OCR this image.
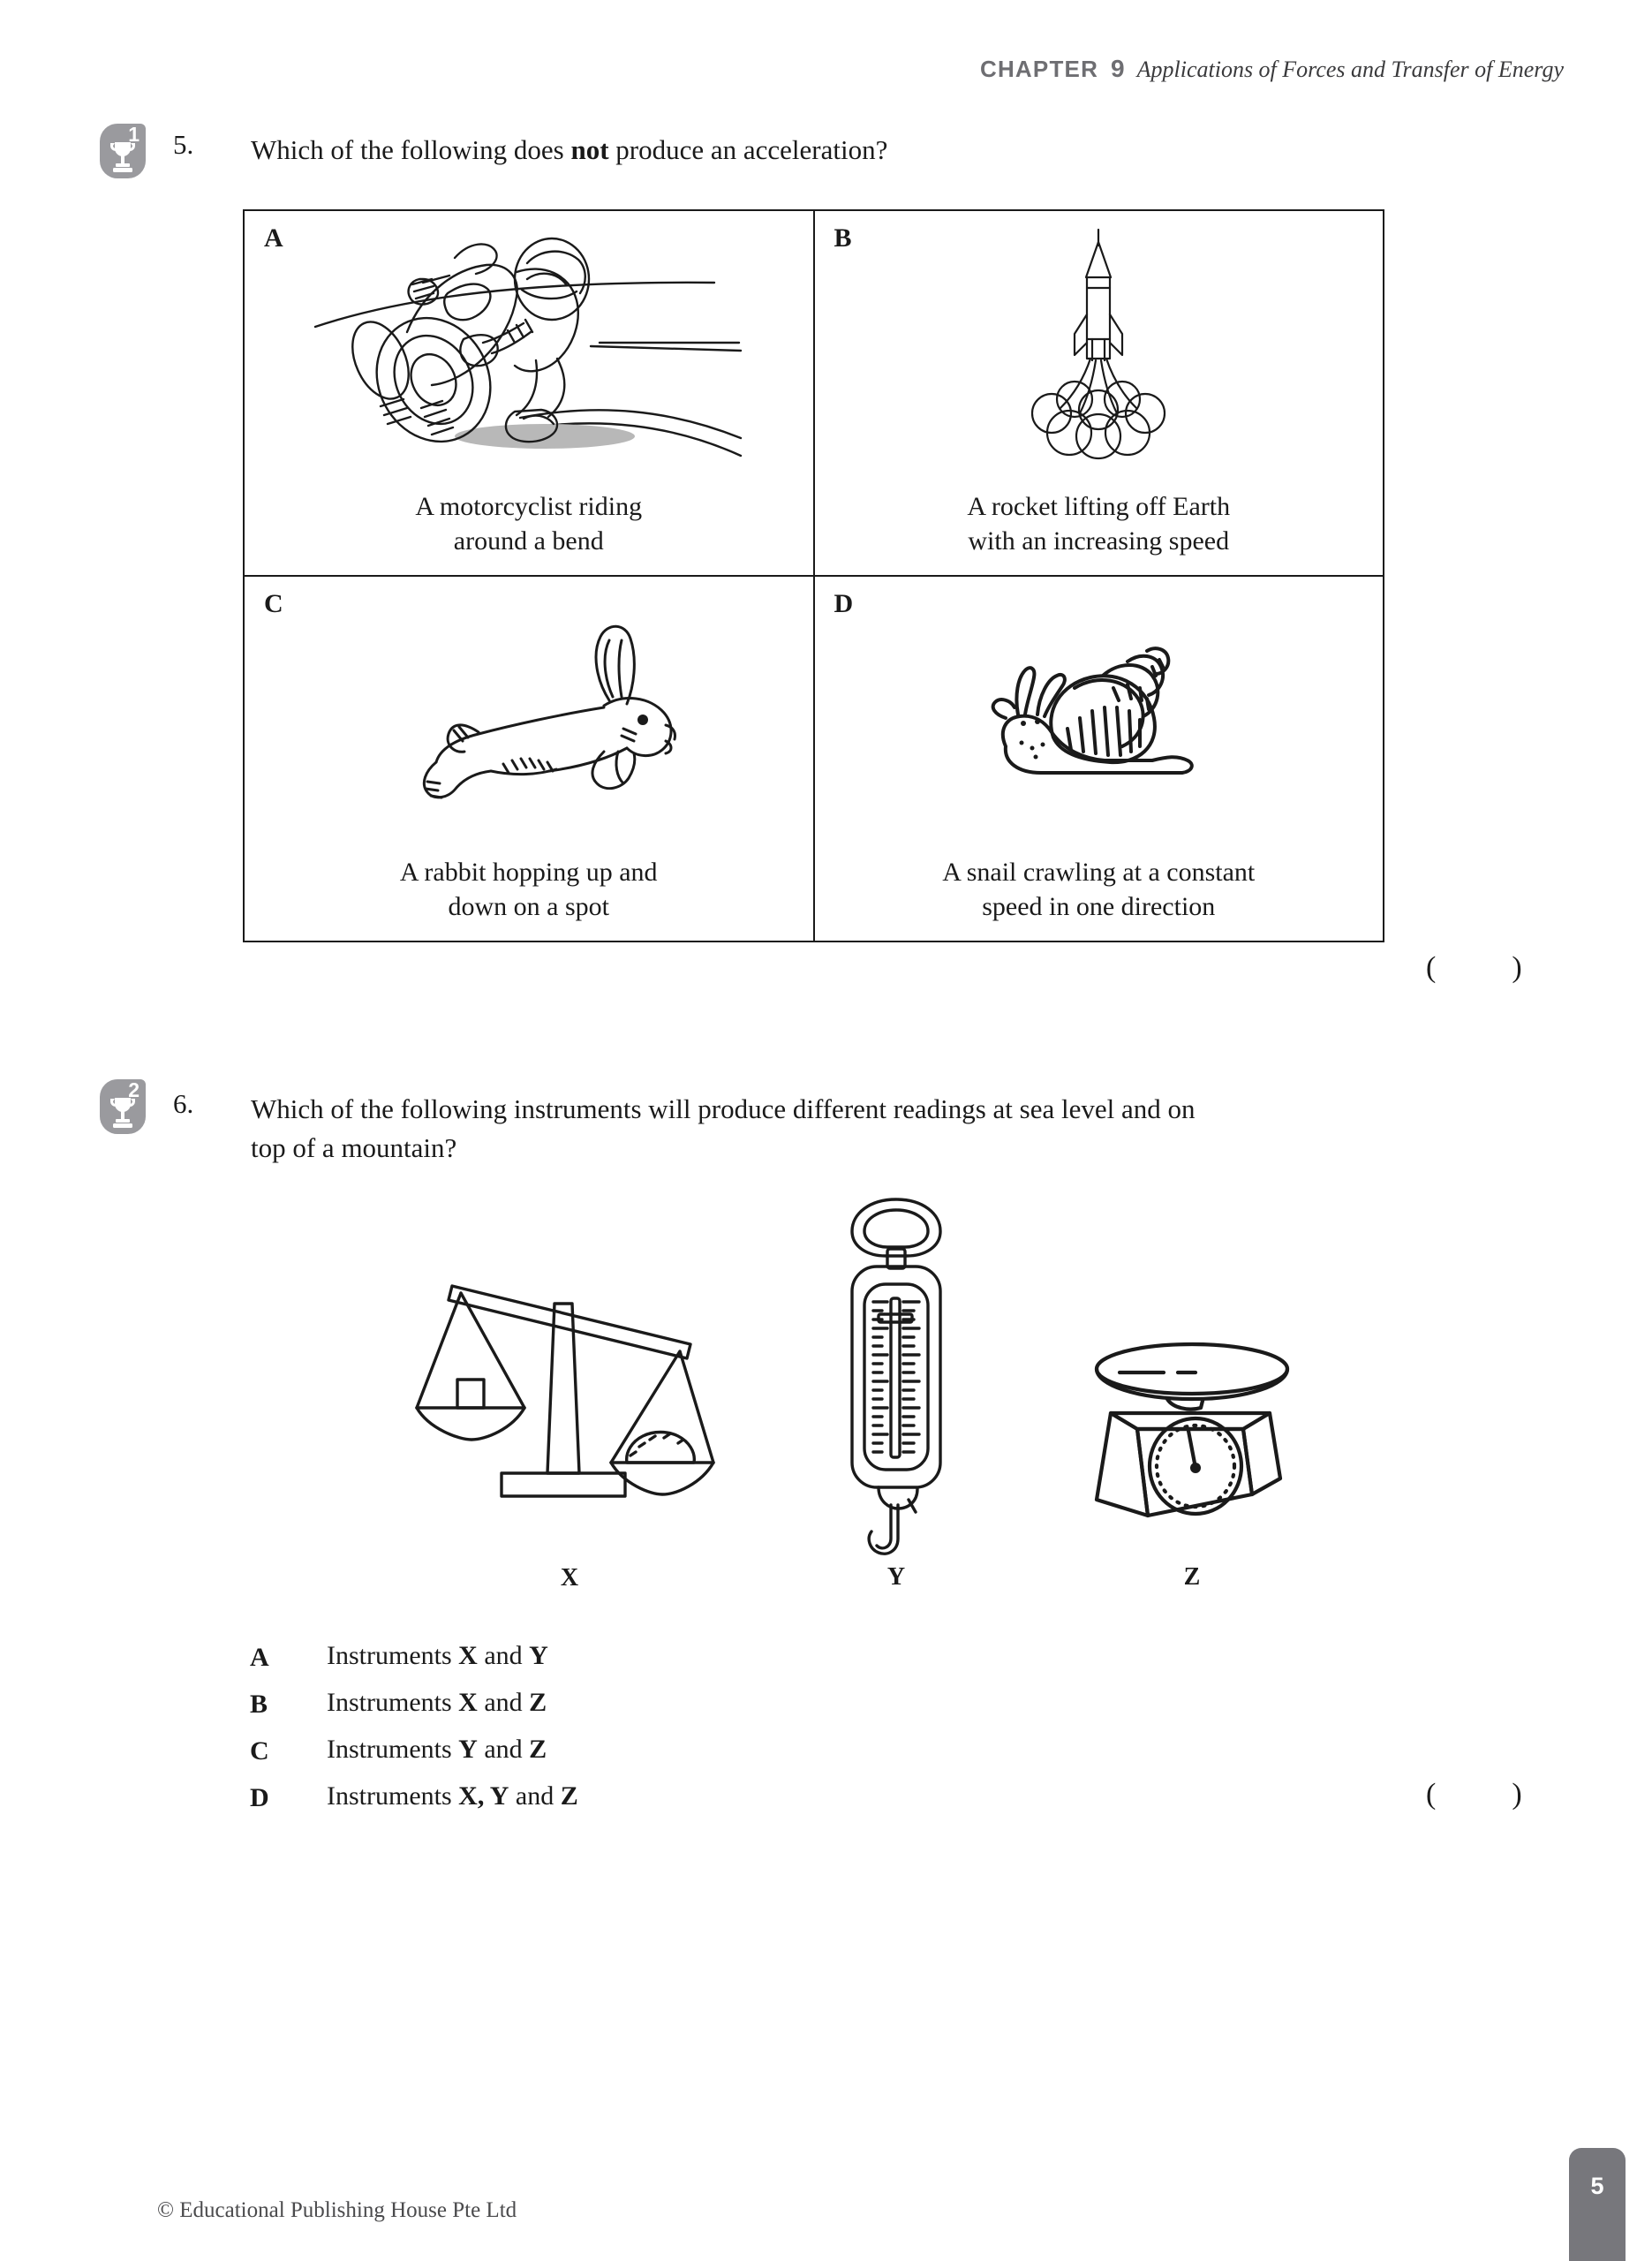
CHAPTER 9 Applications of Forces and Transfer of Energy
1 5. Which of the following does not produce an acceleration?
A
A motorcyclist riding
around a bend

B
A rocket lifting off Earth
with an increasing speed

C
A rabbit hopping up and
down on a spot

D
A snail crawling at a constant
speed in one direction
()
2 6. Which of the following instruments will produce different readings at sea level and on
top of a mountain?
X	Y	Z
A Instruments X and Y
B Instruments X and Z
C Instruments Y and Z
D Instruments X, Y and Z	()
© Educational Publishing House Pte Ltd
5
